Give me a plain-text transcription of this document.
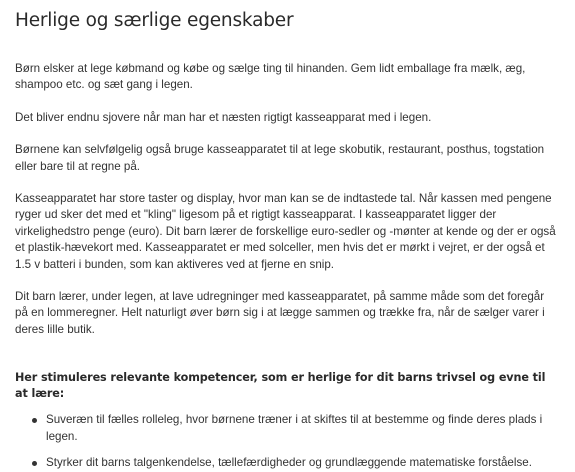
Herlige og særlige egenskaber

Børn elsker at lege købmand og købe og sælge ting til hinanden. Gem lidt emballage fra mælk, æg, shampoo etc. og sæt gang i legen.

Det bliver endnu sjovere når man har et næsten rigtigt kasseapparat med i legen.

Børnene kan selvfølgelig også bruge kasseapparatet til at lege skobutik, restaurant, posthus, togstation eller bare til at regne på.

Kasseapparatet har store taster og display, hvor man kan se de indtastede tal. Når kassen med pengene ryger ud sker det med et "kling" ligesom på et rigtigt kasseapparat. I kasseapparatet ligger der virkelighedstro penge (euro). Dit barn lærer de forskellige euro-sedler og -mønter at kende og der er også et plastik-hævekort med. Kasseapparatet er med solceller, men hvis det er mørkt i vejret, er der også et 1.5 v batteri i bunden, som kan aktiveres ved at fjerne en snip.

Dit barn lærer, under legen, at lave udregninger med kasseapparatet, på samme måde som det foregår på en lommeregner. Helt naturligt øver børn sig i at lægge sammen og trække fra, når de sælger varer i deres lille butik.

Her stimuleres relevante kompetencer, som er herlige for dit barns trivsel og evne til at lære:
Suveræn til fælles rolleleg, hvor børnene træner i at skiftes til at bestemme og finde deres plads i legen.
Styrker dit barns talgenkendelse, tællefærdigheder og grundlæggende matematiske forståelse.
